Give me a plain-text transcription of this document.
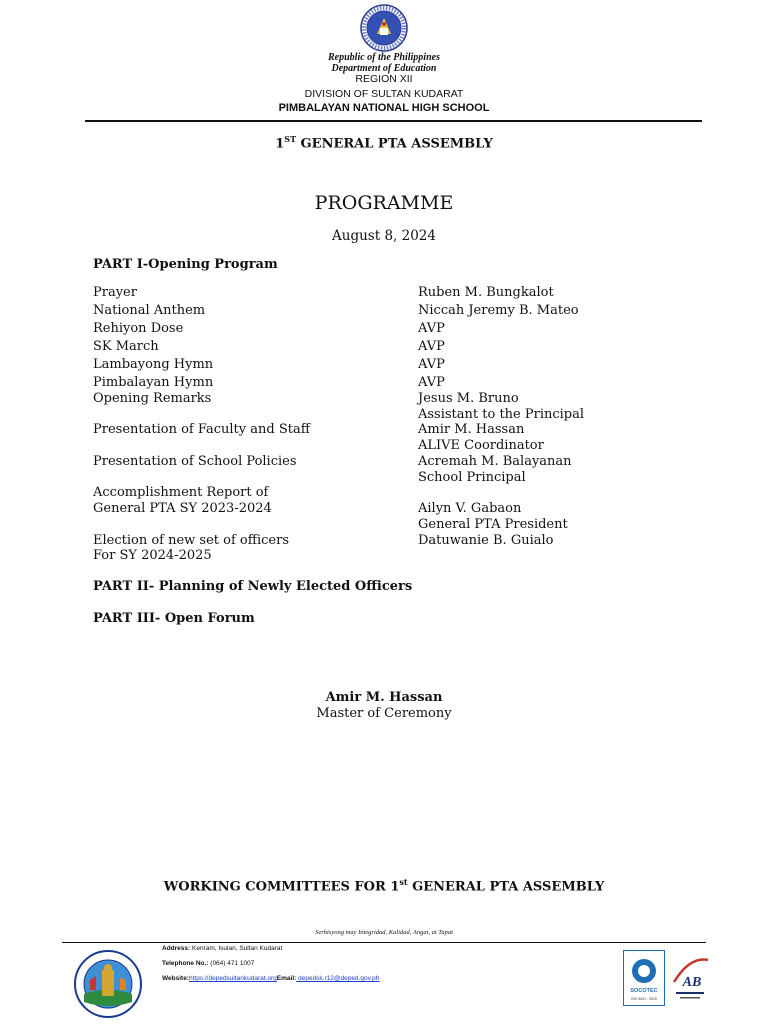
Republic of the Philippines
Department of Education
REGION XII
DIVISION OF SULTAN KUDARAT
PIMBALAYAN NATIONAL HIGH SCHOOL
1ST GENERAL PTA ASSEMBLY
PROGRAMME
August 8, 2024
PART I-Opening Program
Prayer	Ruben M. Bungkalot
National Anthem	Niccah Jeremy B. Mateo
Rehiyon Dose	AVP
SK March	AVP
Lambayong Hymn	AVP
Pimbalayan Hymn	AVP
Opening Remarks	Jesus M. Bruno
Assistant to the Principal
Presentation of Faculty and Staff	Amir M. Hassan
ALIVE Coordinator
Presentation of School Policies	Acremah M. Balayanan
School Principal
Accomplishment Report of
General PTA SY 2023-2024	Ailyn V. Gabaon
General PTA President
Election of new set of officers	Datuwanie B. Guialo
For SY 2024-2025
PART II- Planning of Newly Elected Officers
PART III- Open Forum
Amir M. Hassan
Master of Ceremony
WORKING COMMITTEES FOR 1st GENERAL PTA ASSEMBLY
Serbisyong may Integridad, Kalidad, Angat, at Tapat
Address: Kenram, Isulan, Sultan Kudarat
Telephone No.: (064) 471 1007
Website:https://depedsultankudarat.orgEmail: depedsk.r12@deped.gov.ph
SOCOTEC
ISO 9001 : 2015
AB
